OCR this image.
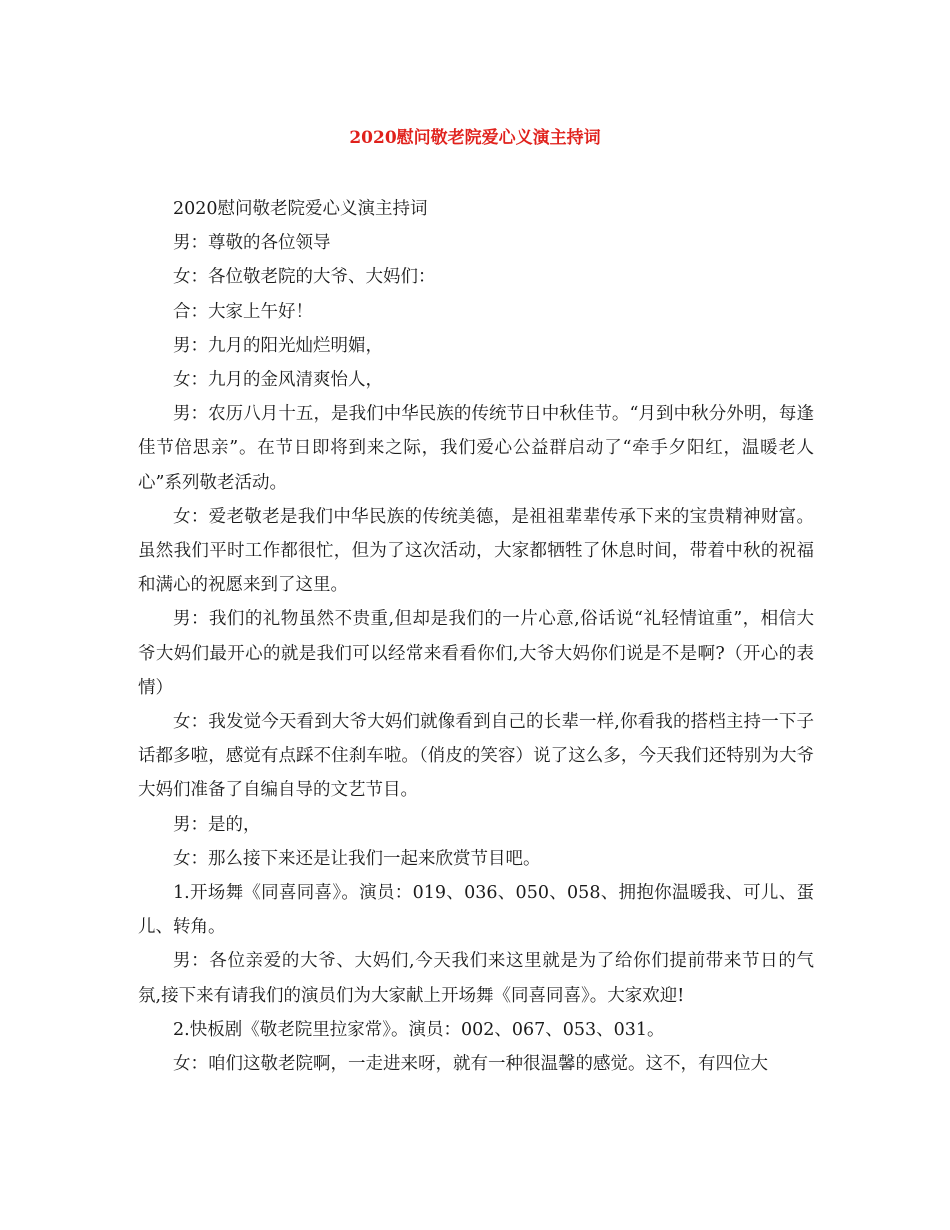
2020慰问敬老院爱心义演主持词

2020慰问敬老院爱心义演主持词

男：尊敬的各位领导

女：各位敬老院的大爷、大妈们：

合：大家上午好！

男：九月的阳光灿烂明媚，

女：九月的金风清爽怡人，

男：农历八月十五，是我们中华民族的传统节日中秋佳节。“月到中秋分外明，每逢佳节倍思亲”。在节日即将到来之际，我们爱心公益群启动了“牵手夕阳红，温暖老人心”系列敬老活动。

女：爱老敬老是我们中华民族的传统美德，是祖祖辈辈传承下来的宝贵精神财富。虽然我们平时工作都很忙，但为了这次活动，大家都牺牲了休息时间，带着中秋的祝福和满心的祝愿来到了这里。

男：我们的礼物虽然不贵重,但却是我们的一片心意,俗话说“礼轻情谊重”，相信大爷大妈们最开心的就是我们可以经常来看看你们,大爷大妈你们说是不是啊?（开心的表情）

女：我发觉今天看到大爷大妈们就像看到自己的长辈一样,你看我的搭档主持一下子话都多啦，感觉有点踩不住刹车啦。（俏皮的笑容）说了这么多，今天我们还特别为大爷大妈们准备了自编自导的文艺节目。

男：是的，

女：那么接下来还是让我们一起来欣赏节目吧。

1.开场舞《同喜同喜》。演员：019、036、050、058、拥抱你温暖我、可儿、蛋儿、转角。

男：各位亲爱的大爷、大妈们,今天我们来这里就是为了给你们提前带来节日的气氛,接下来有请我们的演员们为大家献上开场舞《同喜同喜》。大家欢迎!

2.快板剧《敬老院里拉家常》。演员：002、067、053、031。

女：咱们这敬老院啊，一走进来呀，就有一种很温馨的感觉。这不，有四位大
